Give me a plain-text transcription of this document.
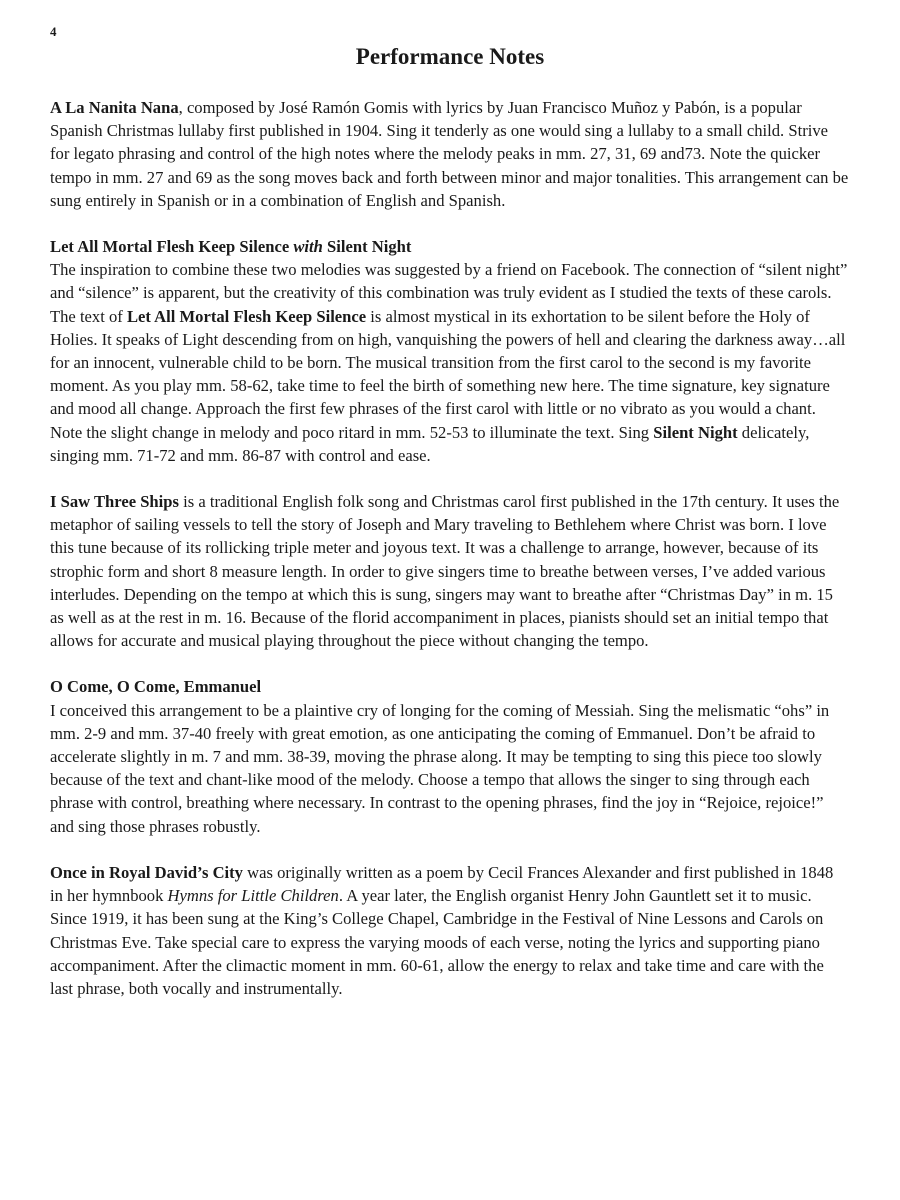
4
Performance Notes

A La Nanita Nana, composed by José Ramón Gomis with lyrics by Juan Francisco Muñoz y Pabón, is a popular Spanish Christmas lullaby first published in 1904. Sing it tenderly as one would sing a lullaby to a small child. Strive for legato phrasing and control of the high notes where the melody peaks in mm. 27, 31, 69 and73. Note the quicker tempo in mm. 27 and 69 as the song moves back and forth between minor and major tonalities. This arrangement can be sung entirely in Spanish or in a combination of English and Spanish.

Let All Mortal Flesh Keep Silence with Silent Night
The inspiration to combine these two melodies was suggested by a friend on Facebook. The connection of “silent night” and “silence” is apparent, but the creativity of this combination was truly evident as I studied the texts of these carols. The text of Let All Mortal Flesh Keep Silence is almost mystical in its exhortation to be silent before the Holy of Holies. It speaks of Light descending from on high, vanquishing the powers of hell and clearing the darkness away…all for an innocent, vulnerable child to be born. The musical transition from the first carol to the second is my favorite moment. As you play mm. 58-62, take time to feel the birth of something new here. The time signature, key signature and mood all change. Approach the first few phrases of the first carol with little or no vibrato as you would a chant. Note the slight change in melody and poco ritard in mm. 52-53 to illuminate the text. Sing Silent Night delicately, singing mm. 71-72 and mm. 86-87 with control and ease.

I Saw Three Ships is a traditional English folk song and Christmas carol first published in the 17th century. It uses the metaphor of sailing vessels to tell the story of Joseph and Mary traveling to Bethlehem where Christ was born. I love this tune because of its rollicking triple meter and joyous text. It was a challenge to arrange, however, because of its strophic form and short 8 measure length. In order to give singers time to breathe between verses, I’ve added various interludes. Depending on the tempo at which this is sung, singers may want to breathe after “Christmas Day” in m. 15 as well as at the rest in m. 16. Because of the florid accompaniment in places, pianists should set an initial tempo that allows for accurate and musical playing throughout the piece without changing the tempo.

O Come, O Come, Emmanuel
I conceived this arrangement to be a plaintive cry of longing for the coming of Messiah. Sing the melismatic “ohs” in mm. 2-9 and mm. 37-40 freely with great emotion, as one anticipating the coming of Emmanuel. Don’t be afraid to accelerate slightly in m. 7 and mm. 38-39, moving the phrase along. It may be tempting to sing this piece too slowly because of the text and chant-like mood of the melody. Choose a tempo that allows the singer to sing through each phrase with control, breathing where necessary. In contrast to the opening phrases, find the joy in “Rejoice, rejoice!” and sing those phrases robustly.

Once in Royal David’s City was originally written as a poem by Cecil Frances Alexander and first published in 1848 in her hymnbook Hymns for Little Children. A year later, the English organist Henry John Gauntlett set it to music. Since 1919, it has been sung at the King’s College Chapel, Cambridge in the Festival of Nine Lessons and Carols on Christmas Eve. Take special care to express the varying moods of each verse, noting the lyrics and supporting piano accompaniment. After the climactic moment in mm. 60-61, allow the energy to relax and take time and care with the last phrase, both vocally and instrumentally.
